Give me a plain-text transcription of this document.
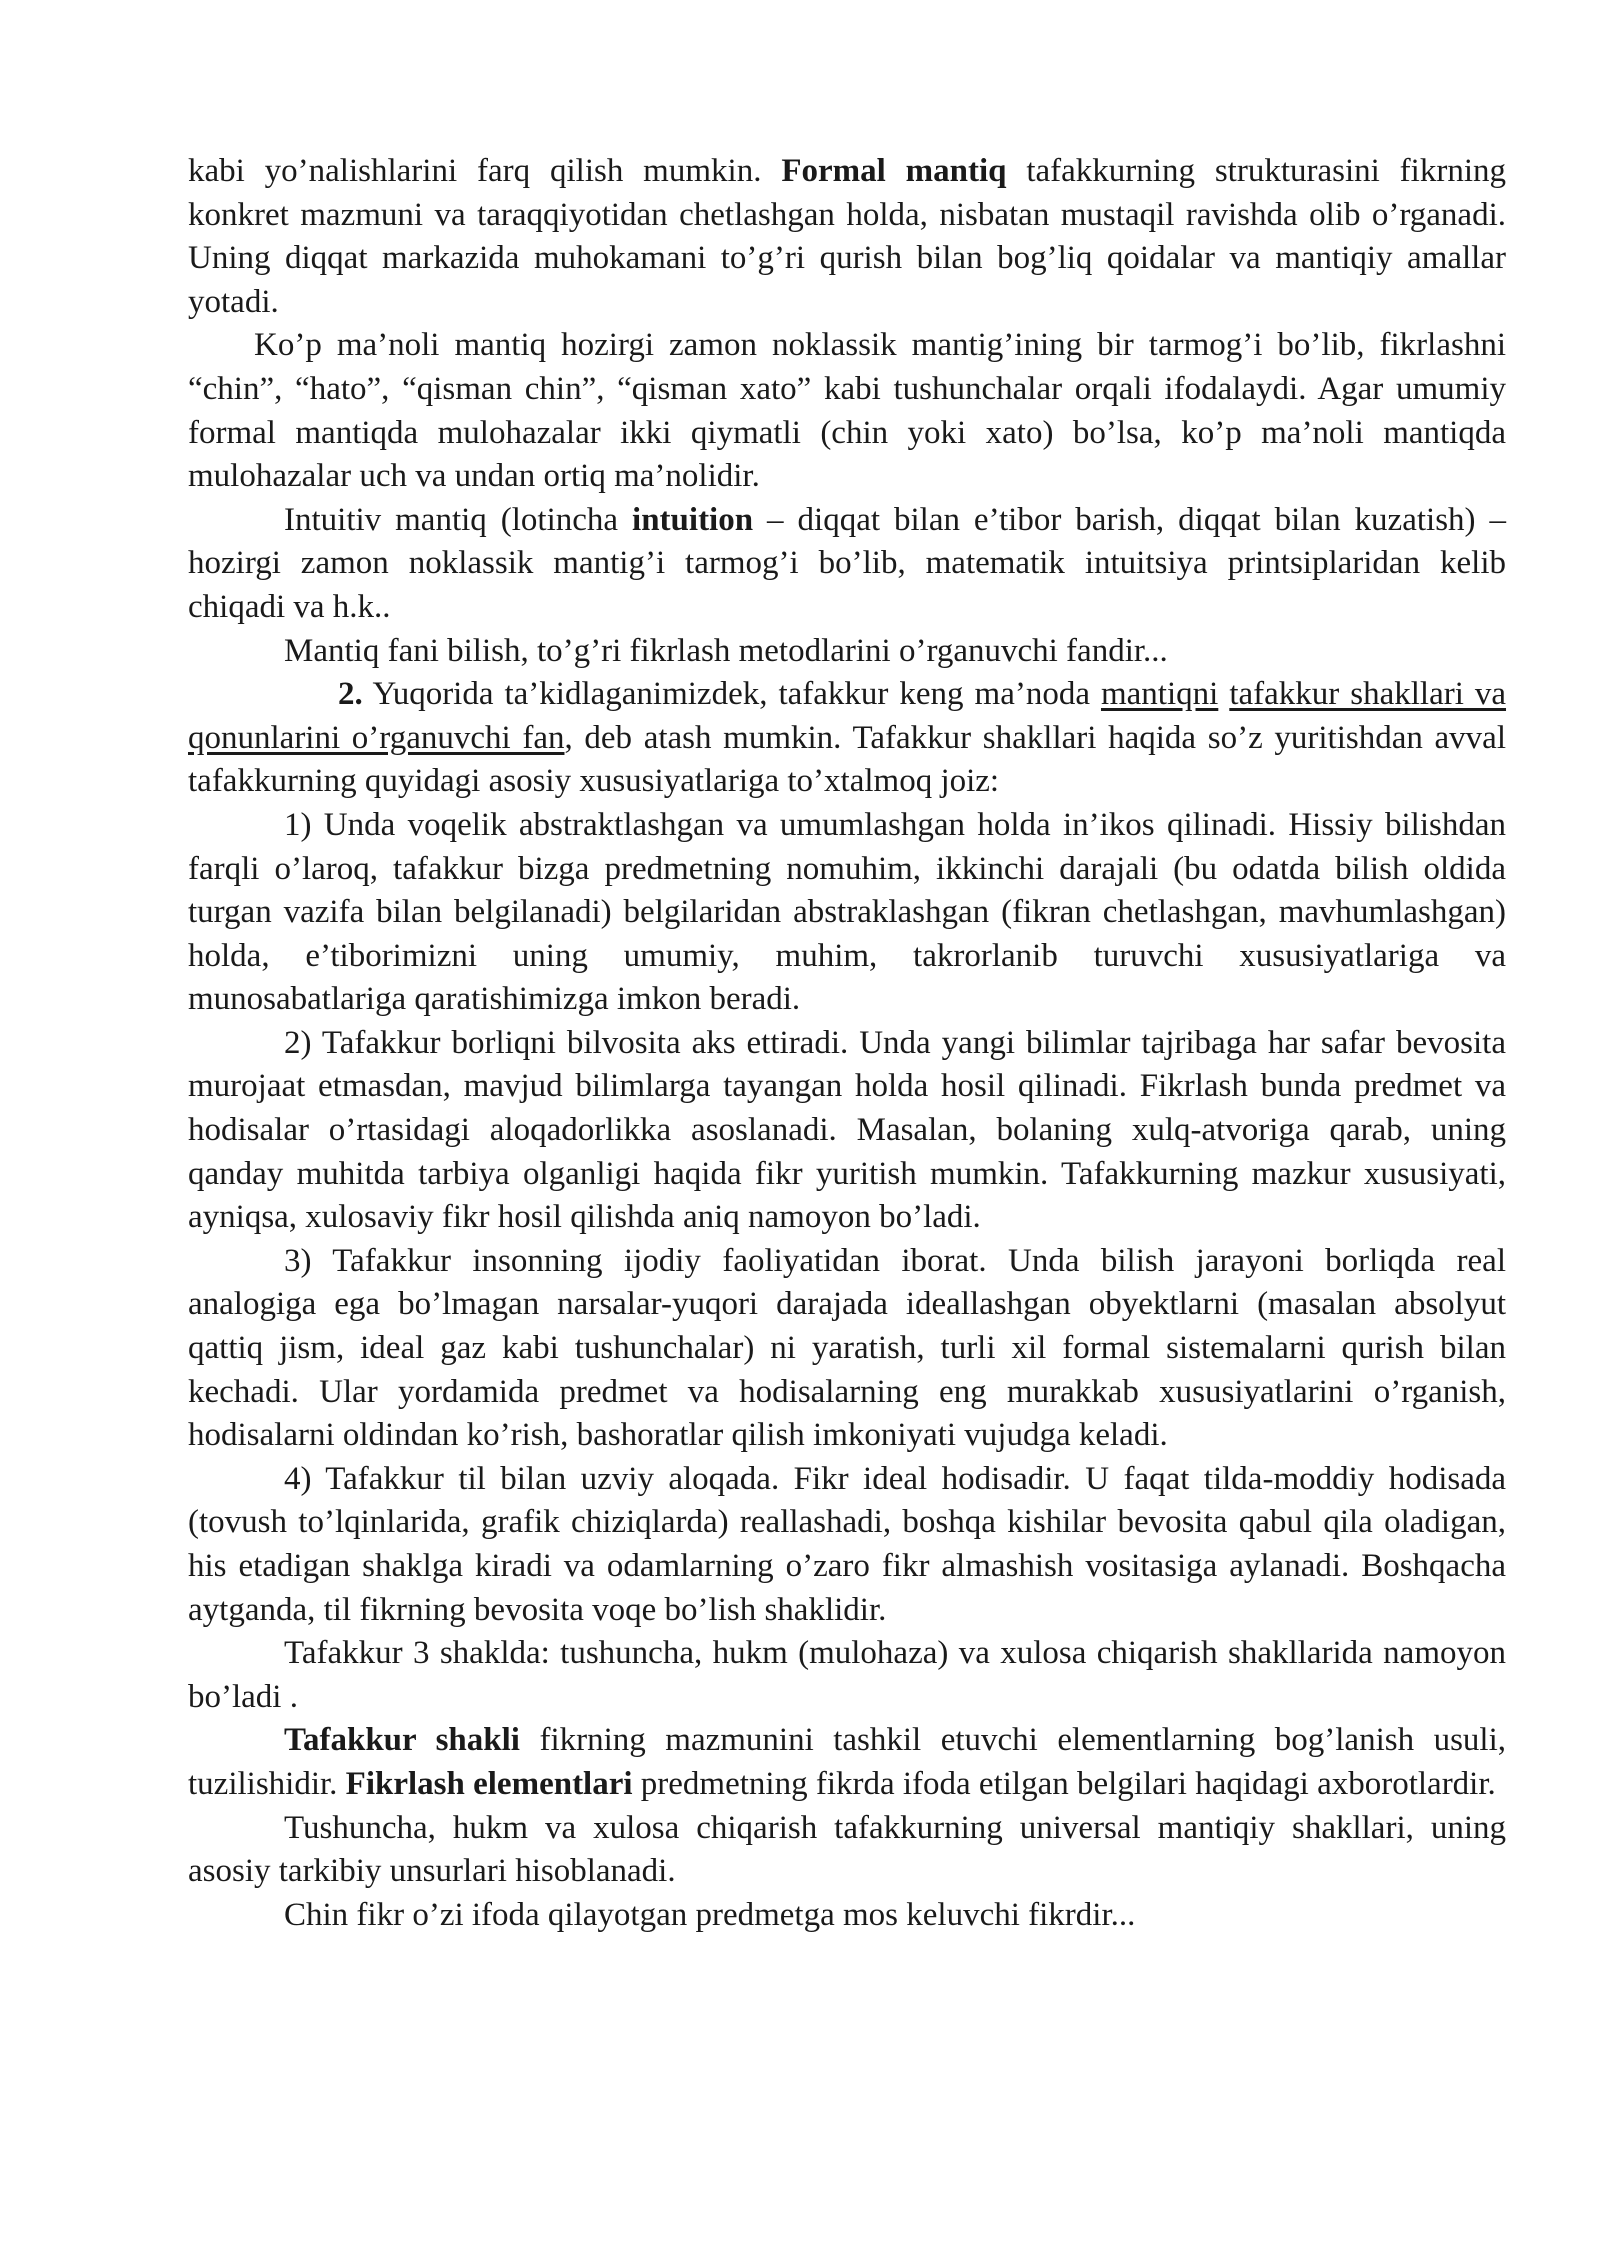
kabi yo’nalishlarini farq qilish mumkin. Formal mantiq tafakkurning strukturasini fikrning konkret mazmuni va taraqqiyotidan chetlashgan holda, nisbatan mustaqil ravishda olib o’rganadi. Uning diqqat markazida muhokamani to’g’ri qurish bilan bog’liq qoidalar va mantiqiy amallar yotadi.

Ko’p ma’noli mantiq hozirgi zamon noklassik mantig’ining bir tarmog’i bo’lib, fikrlashni “chin”, “hato”, “qisman chin”, “qisman xato” kabi tushunchalar orqali ifodalaydi. Agar umumiy formal mantiqda mulohazalar ikki qiymatli (chin yoki xato) bo’lsa, ko’p ma’noli mantiqda mulohazalar uch va undan ortiq ma’nolidir.

Intuitiv mantiq (lotincha intuition – diqqat bilan e’tibor barish, diqqat bilan kuzatish) – hozirgi zamon noklassik mantig’i tarmog’i bo’lib, matematik intuitsiya printsiplaridan kelib chiqadi va h.k..

Mantiq fani bilish, to’g’ri fikrlash metodlarini o’rganuvchi fandir...

2. Yuqorida ta’kidlaganimizdek, tafakkur keng ma’noda mantiqni tafakkur shakllari va qonunlarini o’rganuvchi fan, deb atash mumkin. Tafakkur shakllari haqida so’z yuritishdan avval tafakkurning quyidagi asosiy xususiyatlariga to’xtalmoq joiz:

1) Unda voqelik abstraktlashgan va umumlashgan holda in’ikos qilinadi. Hissiy bilishdan farqli o’laroq, tafakkur bizga predmetning nomuhim, ikkinchi darajali (bu odatda bilish oldida turgan vazifa bilan belgilanadi) belgilaridan abstraklashgan (fikran chetlashgan, mavhumlashgan) holda, e’tiborimizni uning umumiy, muhim, takrorlanib turuvchi xususiyatlariga va munosabatlariga qaratishimizga imkon beradi.

2) Tafakkur borliqni bilvosita aks ettiradi. Unda yangi bilimlar tajribaga har safar bevosita murojaat etmasdan, mavjud bilimlarga tayangan holda hosil qilinadi. Fikrlash bunda predmet va hodisalar o’rtasidagi aloqadorlikka asoslanadi. Masalan, bolaning xulq-atvoriga qarab, uning qanday muhitda tarbiya olganligi haqida fikr yuritish mumkin. Tafakkurning mazkur xususiyati, ayniqsa, xulosaviy fikr hosil qilishda aniq namoyon bo’ladi.

3) Tafakkur insonning ijodiy faoliyatidan iborat. Unda bilish jarayoni borliqda real analogiga ega bo’lmagan narsalar-yuqori darajada ideallashgan obyektlarni (masalan absolyut qattiq jism, ideal gaz kabi tushunchalar) ni yaratish, turli xil formal sistemalarni qurish bilan kechadi. Ular yordamida predmet va hodisalarning eng murakkab xususiyatlarini o’rganish, hodisalarni oldindan ko’rish, bashoratlar qilish imkoniyati vujudga keladi.

4) Tafakkur til bilan uzviy aloqada. Fikr ideal hodisadir. U faqat tilda-moddiy hodisada (tovush to’lqinlarida, grafik chiziqlarda) reallashadi, boshqa kishilar bevosita qabul qila oladigan, his etadigan shaklga kiradi va odamlarning o’zaro fikr almashish vositasiga aylanadi. Boshqacha aytganda, til fikrning bevosita voqe bo’lish shaklidir.

Tafakkur 3 shaklda: tushuncha, hukm (mulohaza) va xulosa chiqarish shakllarida namoyon bo’ladi .

Tafakkur shakli fikrning mazmunini tashkil etuvchi elementlarning bog’lanish usuli, tuzilishidir. Fikrlash elementlari predmetning fikrda ifoda etilgan belgilari haqidagi axborotlardir.

Tushuncha, hukm va xulosa chiqarish tafakkurning universal mantiqiy shakllari, uning asosiy tarkibiy unsurlari hisoblanadi.

Chin fikr o’zi ifoda qilayotgan predmetga mos keluvchi fikrdir...
